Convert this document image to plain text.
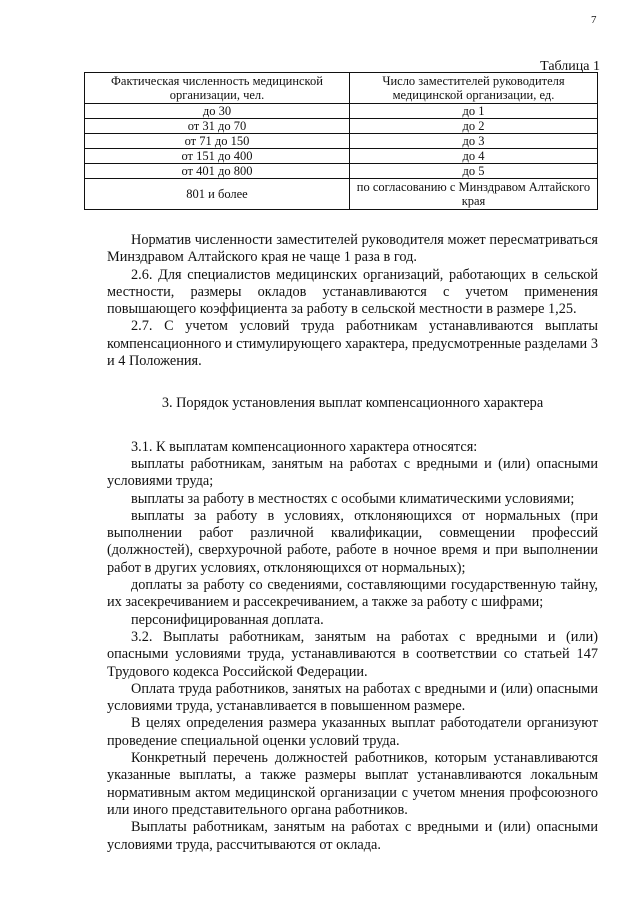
7
Таблица 1
Фактическая численность медицинской организации, чел.	Число заместителей руководителя медицинской организации, ед.
до 30	до 1
от 31 до 70	до 2
от 71 до 150	до 3
от 151 до 400	до 4
от 401 до 800	до 5
801 и более	по согласованию с Минздравом Алтайского края

Норматив численности заместителей руководителя может пересматриваться Минздравом Алтайского края не чаще 1 раза в год.

2.6. Для специалистов медицинских организаций, работающих в сельской местности, размеры окладов устанавливаются с учетом применения повышающего коэффициента за работу в сельской местности в размере 1,25.

2.7. С учетом условий труда работникам устанавливаются выплаты компенсационного и стимулирующего характера, предусмотренные разделами 3 и 4 Положения.

3. Порядок установления выплат компенсационного характера

3.1. К выплатам компенсационного характера относятся:

выплаты работникам, занятым на работах с вредными и (или) опасными условиями труда;

выплаты за работу в местностях с особыми климатическими условиями;

выплаты за работу в условиях, отклоняющихся от нормальных (при выполнении работ различной квалификации, совмещении профессий (должностей), сверхурочной работе, работе в ночное время и при выполнении работ в других условиях, отклоняющихся от нормальных);

доплаты за работу со сведениями, составляющими государственную тайну, их засекречиванием и рассекречиванием, а также за работу с шифрами;

персонифицированная доплата.

3.2. Выплаты работникам, занятым на работах с вредными и (или) опасными условиями труда, устанавливаются в соответствии со статьей 147 Трудового кодекса Российской Федерации.

Оплата труда работников, занятых на работах с вредными и (или) опасными условиями труда, устанавливается в повышенном размере.

В целях определения размера указанных выплат работодатели организуют проведение специальной оценки условий труда.

Конкретный перечень должностей работников, которым устанавливаются указанные выплаты, а также размеры выплат устанавливаются локальным нормативным актом медицинской организации с учетом мнения профсоюзного или иного представительного органа работников.

Выплаты работникам, занятым на работах с вредными и (или) опасными условиями труда, рассчитываются от оклада.
